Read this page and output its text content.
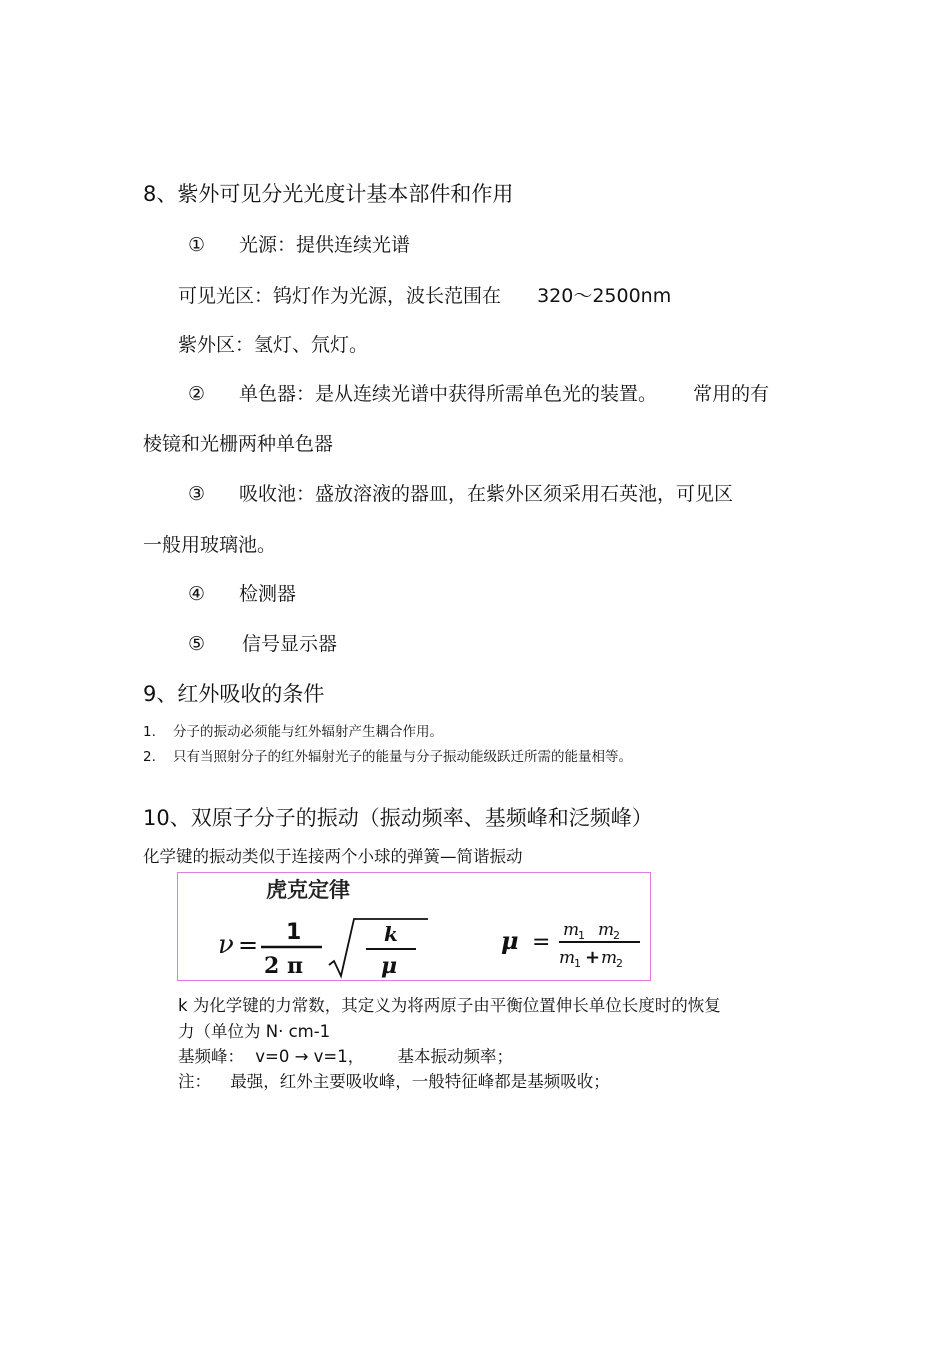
8、紫外可见分光光度计基本部件和作用
① 光源：提供连续光谱
可见光区：钨灯作为光源，波长范围在 320～2500nm
紫外区：氢灯、氘灯。
② 单色器：是从连续光谱中获得所需单色光的装置。 常用的有
棱镜和光栅两种单色器
③ 吸收池：盛放溶液的器皿，在紫外区须采用石英池，可见区
一般用玻璃池。
④ 检测器
⑤ 信号显示器
9、红外吸收的条件
1. 分子的振动必须能与红外辐射产生耦合作用。
2. 只有当照射分子的红外辐射光子的能量与分子振动能级跃迁所需的能量相等。
10、双原子分子的振动（振动频率、基频峰和泛频峰）
化学键的振动类似于连接两个小球的弹簧—简谐振动
虎克定律
ν = 1
2 π
k
μ
μ = m
1 m
2
m
1 + m
2
k 为化学键的力常数，其定义为将两原子由平衡位置伸长单位长度时的恢复
力（单位为 N· cm-1
基频峰： v=0 → v=1， 基本振动频率；
注： 最强，红外主要吸收峰，一般特征峰都是基频吸收；
